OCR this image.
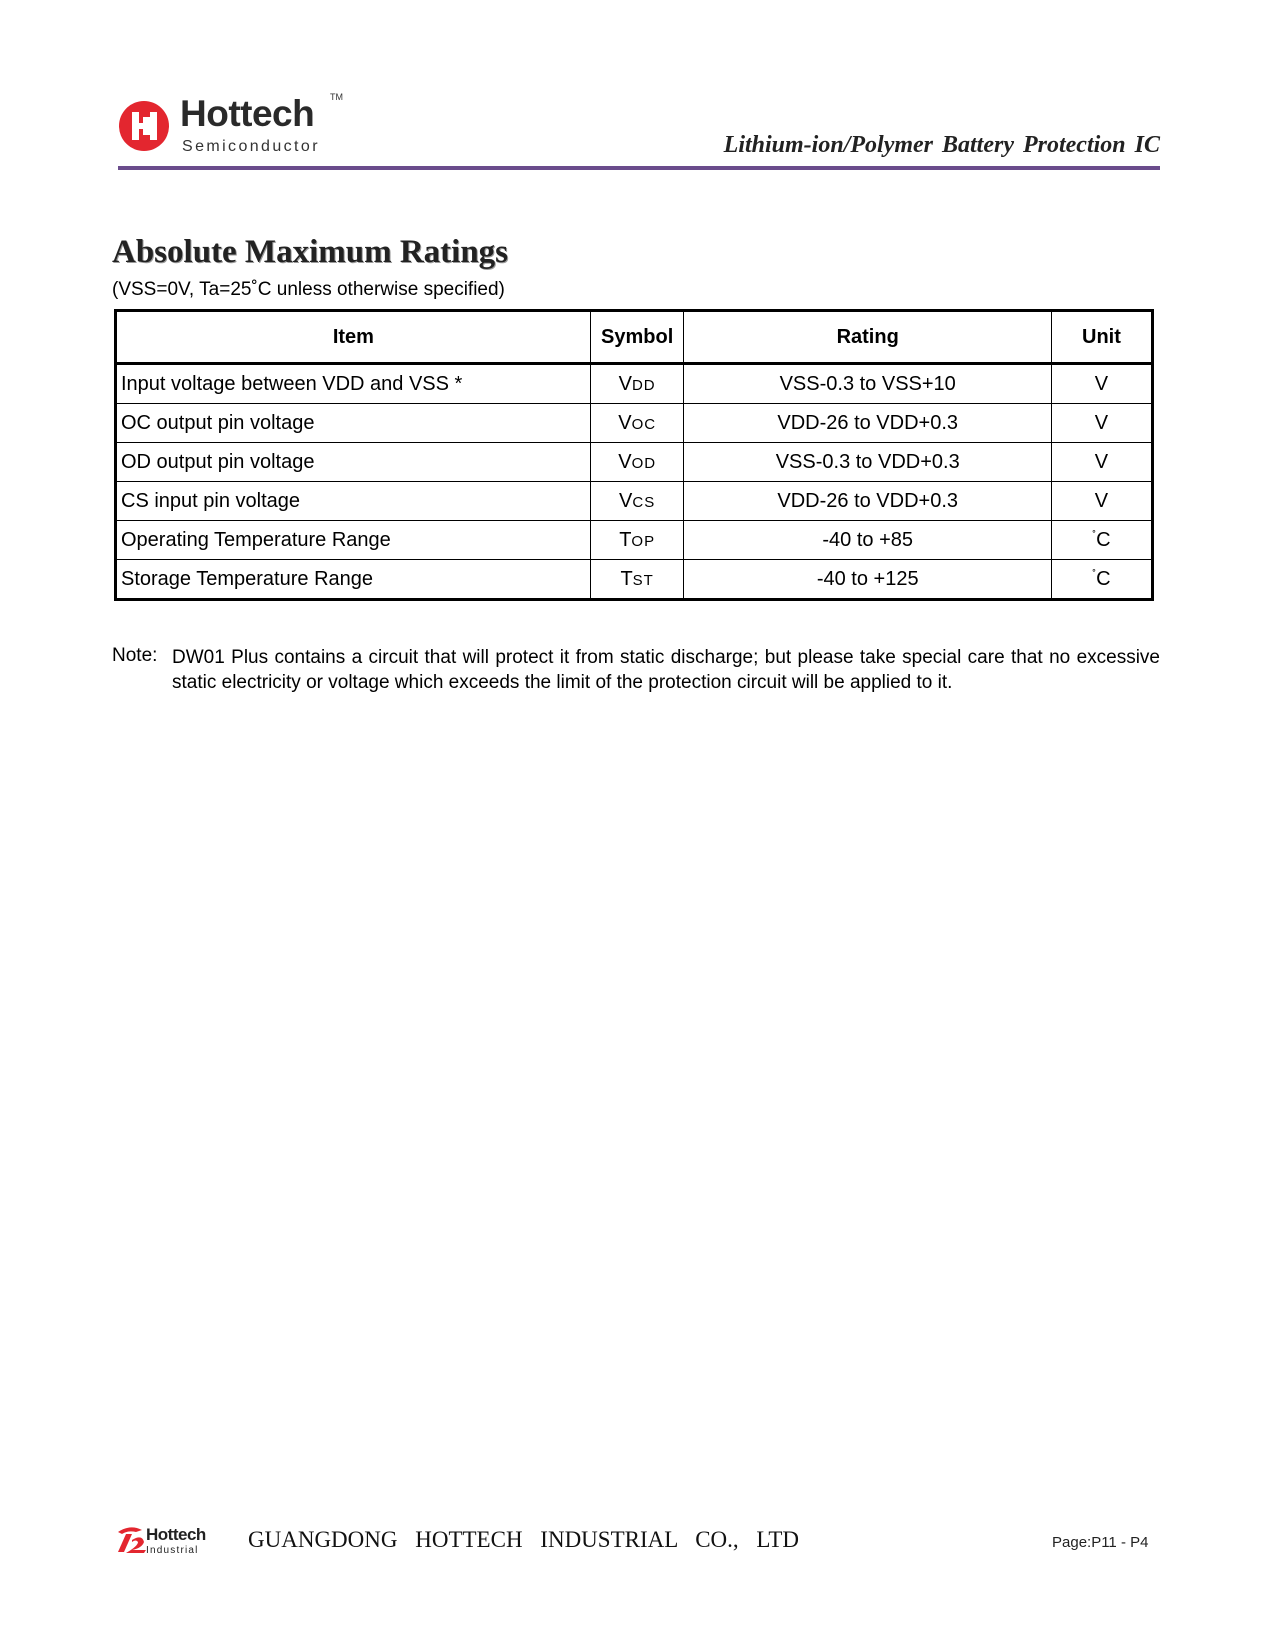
Hottech TM
Semiconductor	Lithium-ion/Polymer Battery Protection IC
Absolute Maximum Ratings
(VSS=0V, Ta=25˚C unless otherwise specified)
Item	Symbol	Rating	Unit
Input voltage between VDD and VSS *	VDD	VSS-0.3 to VSS+10	V
OC output pin voltage	VOC	VDD-26 to VDD+0.3	V
OD output pin voltage	VOD	VSS-0.3 to VDD+0.3	V
CS input pin voltage	VCS	VDD-26 to VDD+0.3	V
Operating Temperature Range	TOP	-40 to +85	˚C
Storage Temperature Range	TST	-40 to +125	˚C
Note: DW01 Plus contains a circuit that will protect it from static discharge; but please take special care that no excessive static electricity or voltage which exceeds the limit of the protection circuit will be applied to it.
Hottech
Industrial GUANGDONG HOTTECH INDUSTRIAL CO., LTD	Page:P11 - P4
